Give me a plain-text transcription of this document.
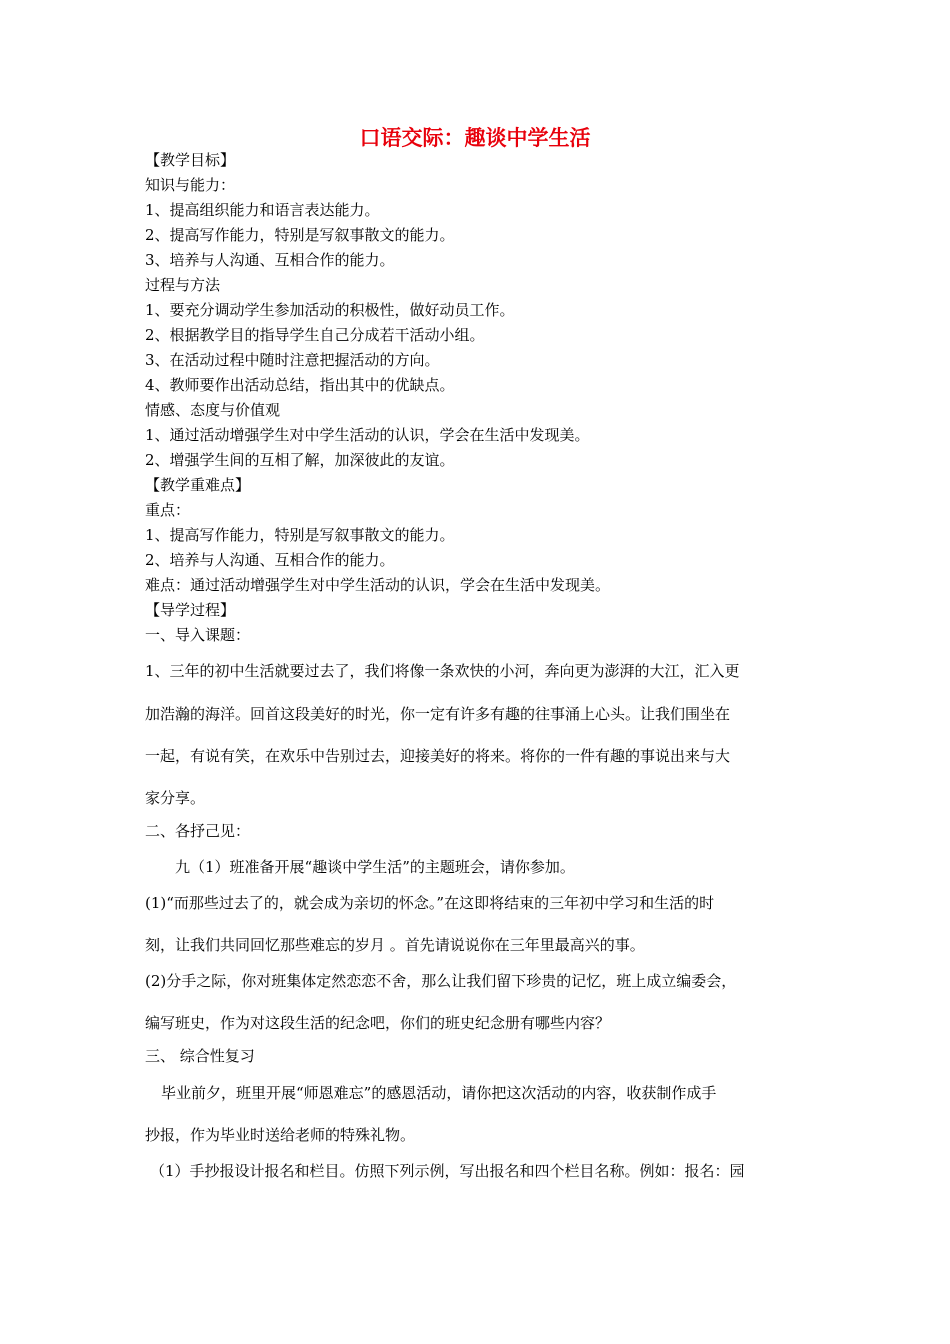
口语交际：趣谈中学生活
【教学目标】
知识与能力：
1、提高组织能力和语言表达能力。
2、提高写作能力，特别是写叙事散文的能力。
3、培养与人沟通、互相合作的能力。
过程与方法
1、要充分调动学生参加活动的积极性，做好动员工作。
2、根据教学目的指导学生自己分成若干活动小组。
3、在活动过程中随时注意把握活动的方向。
4、教师要作出活动总结，指出其中的优缺点。
情感、态度与价值观
1、通过活动增强学生对中学生活动的认识，学会在生活中发现美。
2、增强学生间的互相了解，加深彼此的友谊。
【教学重难点】
重点：
1、提高写作能力，特别是写叙事散文的能力。
2、培养与人沟通、互相合作的能力。
难点：通过活动增强学生对中学生活动的认识，学会在生活中发现美。
【导学过程】
一、导入课题：
1、三年的初中生活就要过去了，我们将像一条欢快的小河，奔向更为澎湃的大江，汇入更
加浩瀚的海洋。回首这段美好的时光，你一定有许多有趣的往事涌上心头。让我们围坐在
一起，有说有笑，在欢乐中告别过去，迎接美好的将来。将你的一件有趣的事说出来与大
家分享。
二、各抒己见：
九（1）班准备开展“趣谈中学生活”的主题班会，请你参加。
(1)“而那些过去了的，就会成为亲切的怀念。”在这即将结束的三年初中学习和生活的时
刻，让我们共同回忆那些难忘的岁月 。首先请说说你在三年里最高兴的事。
(2)分手之际，你对班集体定然恋恋不舍，那么让我们留下珍贵的记忆，班上成立编委会，
编写班史，作为对这段生活的纪念吧，你们的班史纪念册有哪些内容？
三、 综合性复习
毕业前夕，班里开展“师恩难忘”的感恩活动，请你把这次活动的内容，收获制作成手
抄报，作为毕业时送给老师的特殊礼物。
（1）手抄报设计报名和栏目。仿照下列示例，写出报名和四个栏目名称。例如：报名：园
